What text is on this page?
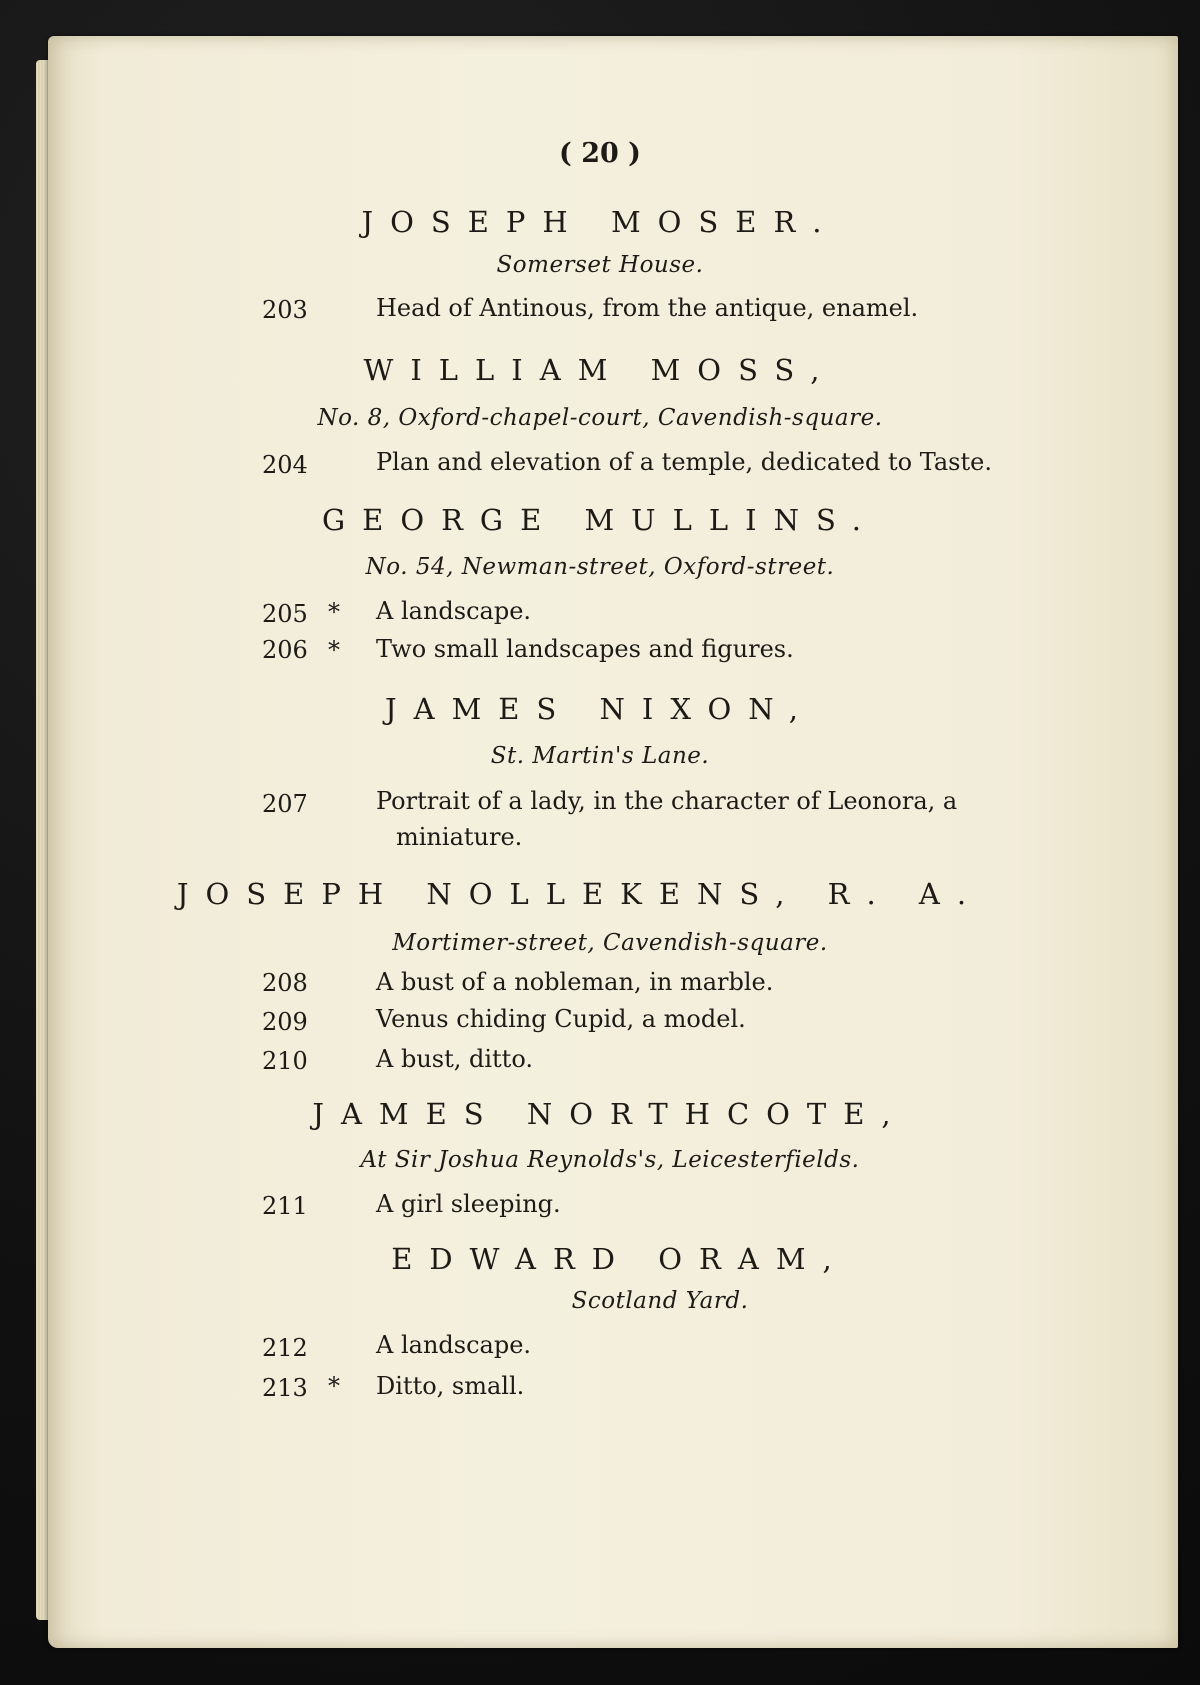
( 20 )
JOSEPH MOSER.
Somerset House.
203	Head of Antinous, from the antique, enamel.
WILLIAM MOSS,
No. 8, Oxford-chapel-court, Cavendish-square.
204	Plan and elevation of a temple, dedicated to Taste.
GEORGE MULLINS.
No. 54, Newman-street, Oxford-street.
205 * A landscape.
206 * Two small landscapes and figures.
JAMES NIXON,
St. Martin's Lane.
207	Portrait of a lady, in the character of Leonora, a
miniature.
JOSEPH NOLLEKENS, R. A.
Mortimer-street, Cavendish-square.
208	A bust of a nobleman, in marble.
209	Venus chiding Cupid, a model.
210	A bust, ditto.
JAMES NORTHCOTE,
At Sir Joshua Reynolds's, Leicesterfields.
211	A girl sleeping.
EDWARD ORAM,
Scotland Yard.
212	A landscape.
213 * Ditto, small.
